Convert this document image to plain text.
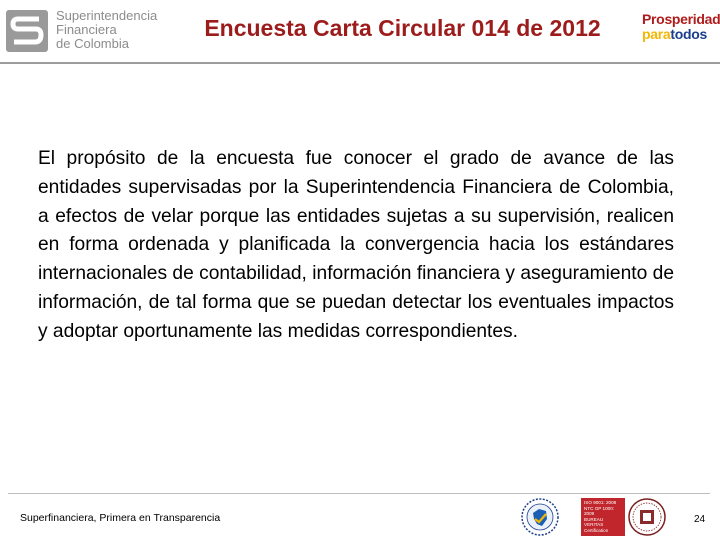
Superintendencia
Financiera
de Colombia
Encuesta Carta Circular 014 de 2012	Prosperidad
paratodos
El propósito de la encuesta fue conocer el grado de avance de las entidades supervisadas por la Superintendencia Financiera de Colombia, a efectos de velar porque las entidades sujetas a su supervisión, realicen en forma ordenada y planificada la convergencia hacia los estándares internacionales de contabilidad, información financiera y aseguramiento de información, de tal forma que se puedan detectar los eventuales impactos y adoptar oportunamente las medidas correspondientes.
Superfinanciera, Primera en Transparencia
ISO 9001: 2008
NTC GP 1000: 2009
BUREAU VERITAS
Certification
24
